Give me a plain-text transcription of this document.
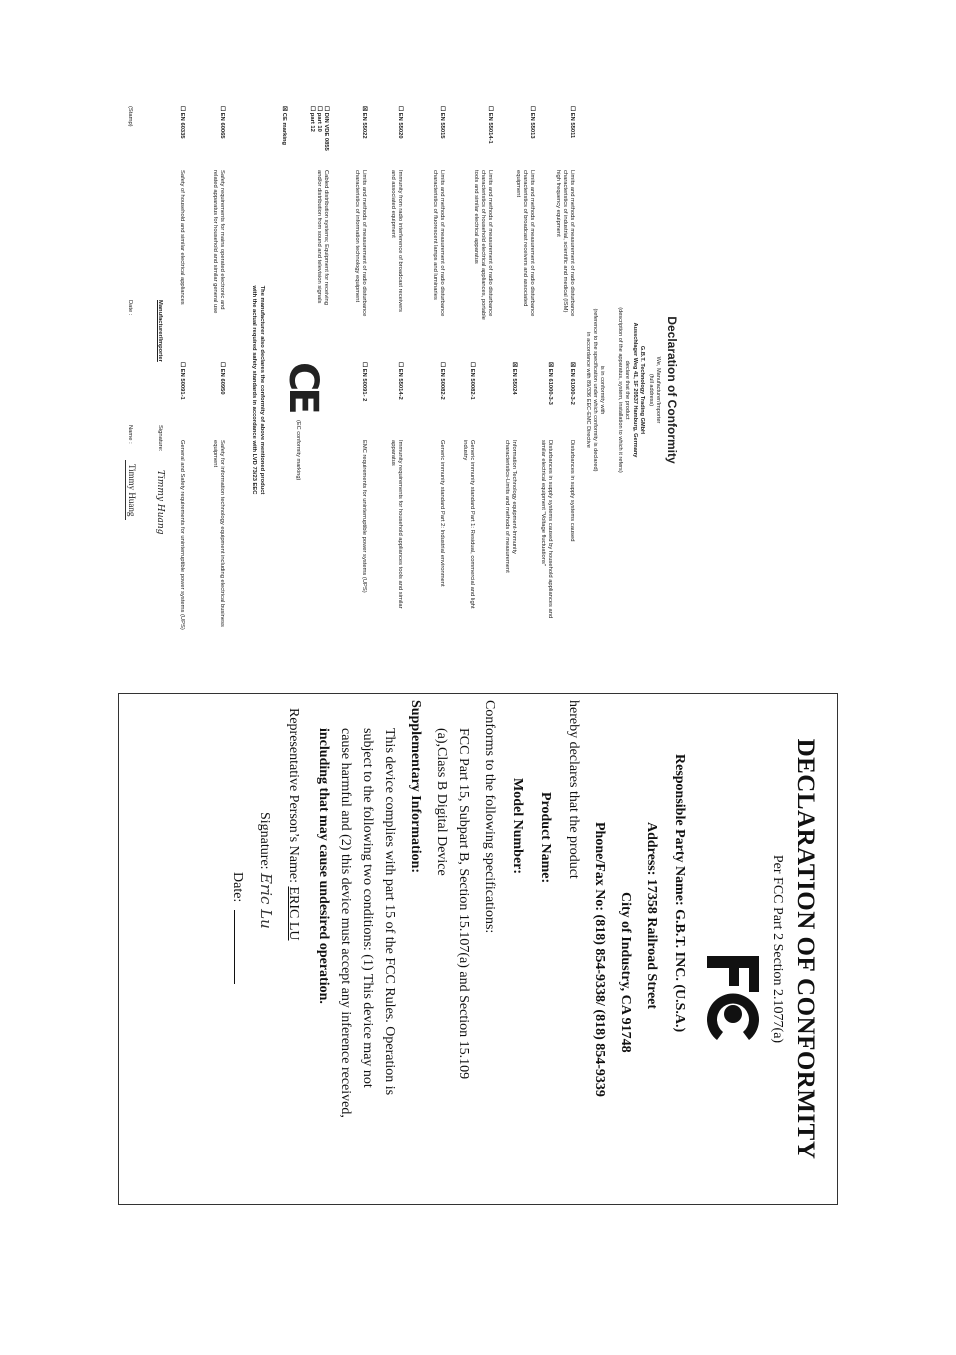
Declaration of Conformity
We, Manufacturer/Importer
(full address)
G.B.T. Technology Trading GMbH
Ausschlager Weg 41, 1F 20537 Hamburg, Germany
declare that the product
(description of the apparatus, system, installation to which it refers)
is in conformity with
(reference to the specification under which conformity is declared)
in accordance with 89/336 EEC-EMC Directive
☐ EN 55011
Limits and methods of measurement of radio disturbance characteristics of industrial, scientific and medical (ISM) high frequency equipment
☐ EN 55013
Limits and methods of measurement of radio disturbance characteristics of broadcast receivers and associated equipment
☐ EN 55014-1
Limits and methods of measurement of radio disturbance characteristics of household electrical appliances, portable tools and similar electrical apparatus
☐ EN 55015
Limits and methods of measurement of radio disturbance characteristics of fluorescent lamps and luminaries
☐ EN 55020
Immunity from radio interference of broadcast receivers and associated equipment
☒ EN 55022
Limits and methods of measurement of radio disturbance characteristics of information technology equipment
☐ DIN VDE 0855
☐ part 10
☐ part 12
Cabled distribution systems; Equipment for receiving and/or distribution from sound and television signals
☒ CE marking
☐ EN 60065
Safety requirements for mains operated electronic and related apparatus for household and similar general use
☐ EN 60335
Safety of household and similar electrical appliances
☒ EN 61000-3-2
Disturbances in supply systems caused
☒ EN 61000-3-3
Disturbances in supply systems caused by household appliances and similar electrical equipment "Voltage fluctuations"
☒ EN 55024
Information Technology equipment-Immunity characteristics-Limits and methods of measurement
☐ EN 50082-1
Generic immunity standard Part 1: Residual, commercial and light industry
☐ EN 50082-2
Generic immunity standard Part 2: Industrial environment
☐ EN 55014-2
Immunity requirements for household appliances tools and similar apparatus
☐ EN 50091- 2
EMC requirements for uninterruptible power systems (UPS)
CE
(EC conformity marking)
The manufacturer also declares the conformity of above mentioned product
with the actual required safety standards in accordance with LVD 73/23 EEC
☐ EN 60950
Safety for information technology equipment including electrical business equipment
☐ EN 50091-1
General and Safety requirements for uninterruptible power systems (UPS)
Manufacturer/Importer
Timmy Huang
Signature:
(Stamp)
Date :
Name :
Timmy Huang
DECLARATION OF CONFORMITY
Per FCC Part 2 Section 2.1077(a)
Responsible Party Name: G.B.T. INC. (U.S.A.)
Address: 17358 Railroad Street
City of Industry, CA 91748
Phone/Fax No: (818) 854-9338/ (818) 854-9339
hereby declares that the product
Product Name:
Model Number:
Conforms to the following specifications:
FCC Part 15, Subpart B, Section 15.107(a) and Section 15.109
(a),Class B Digital Device
Supplementary Information:
This device complies with part 15 of the FCC Rules. Operation is
subject to the following two conditions: (1) This device may not
cause harmful and (2) this device must accept any inference received,
including that may cause undesired operation.
Representative Person’s Name: ERIC LU
Signature: Eric Lu
Date:
